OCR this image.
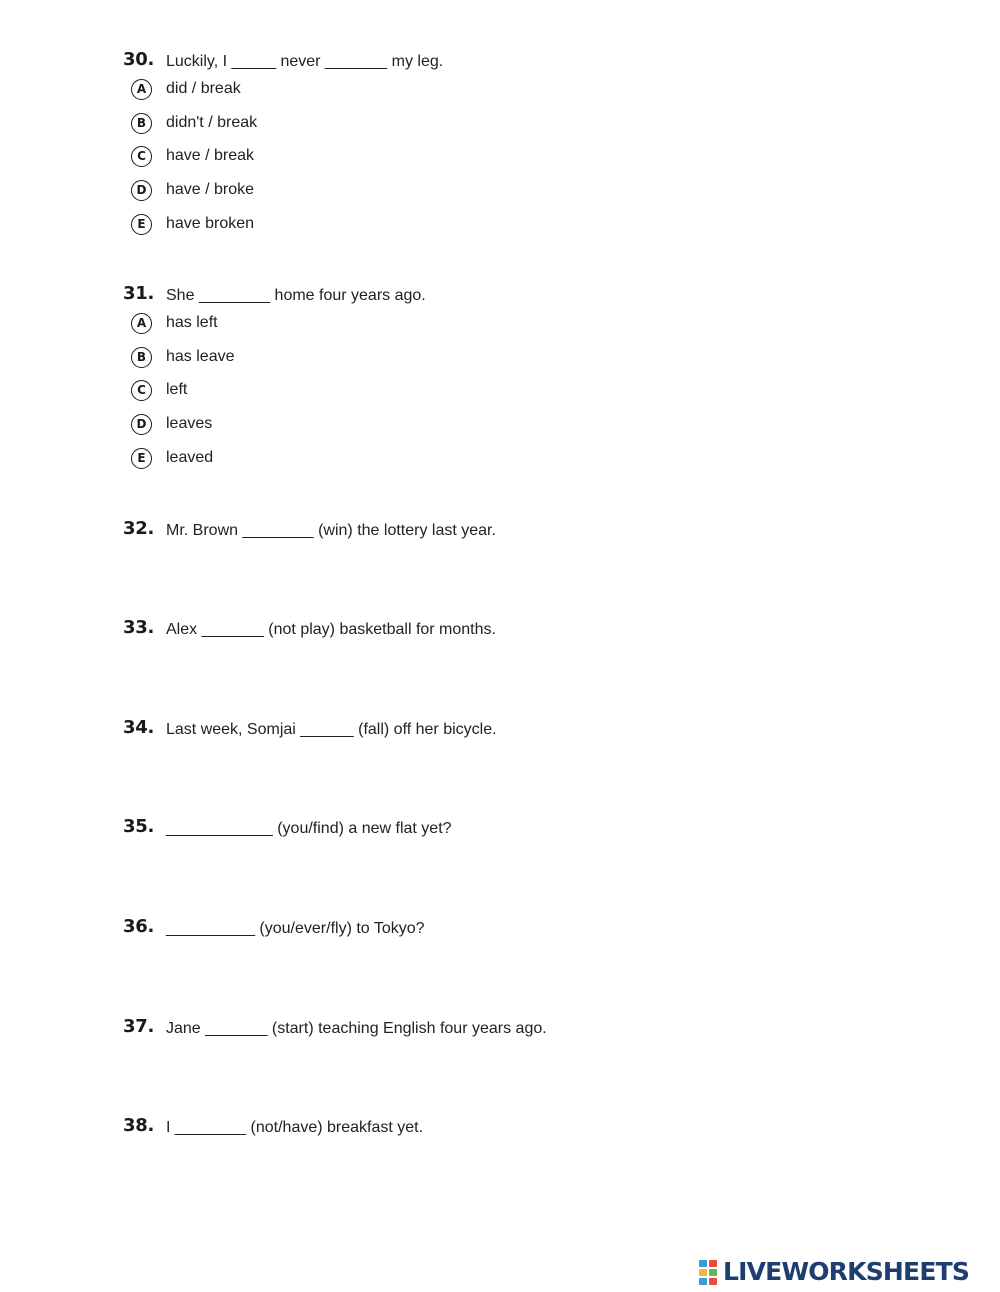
30. Luckily, I _____ never _______ my leg.
A	did / break
B	didn't / break
C	have / break
D	have / broke
E	have broken
31. She ________ home four years ago.
A	has left
B	has leave
C	left
D	leaves
E	leaved
32. Mr. Brown ________ (win) the lottery last year.
33. Alex _______ (not play) basketball for months.
34. Last week, Somjai ______ (fall) off her bicycle.
35. ____________ (you/find) a new flat yet?
36. __________ (you/ever/fly) to Tokyo?
37. Jane _______ (start) teaching English four years ago.
38. I ________ (not/have) breakfast yet.
LIVEWORKSHEETS
